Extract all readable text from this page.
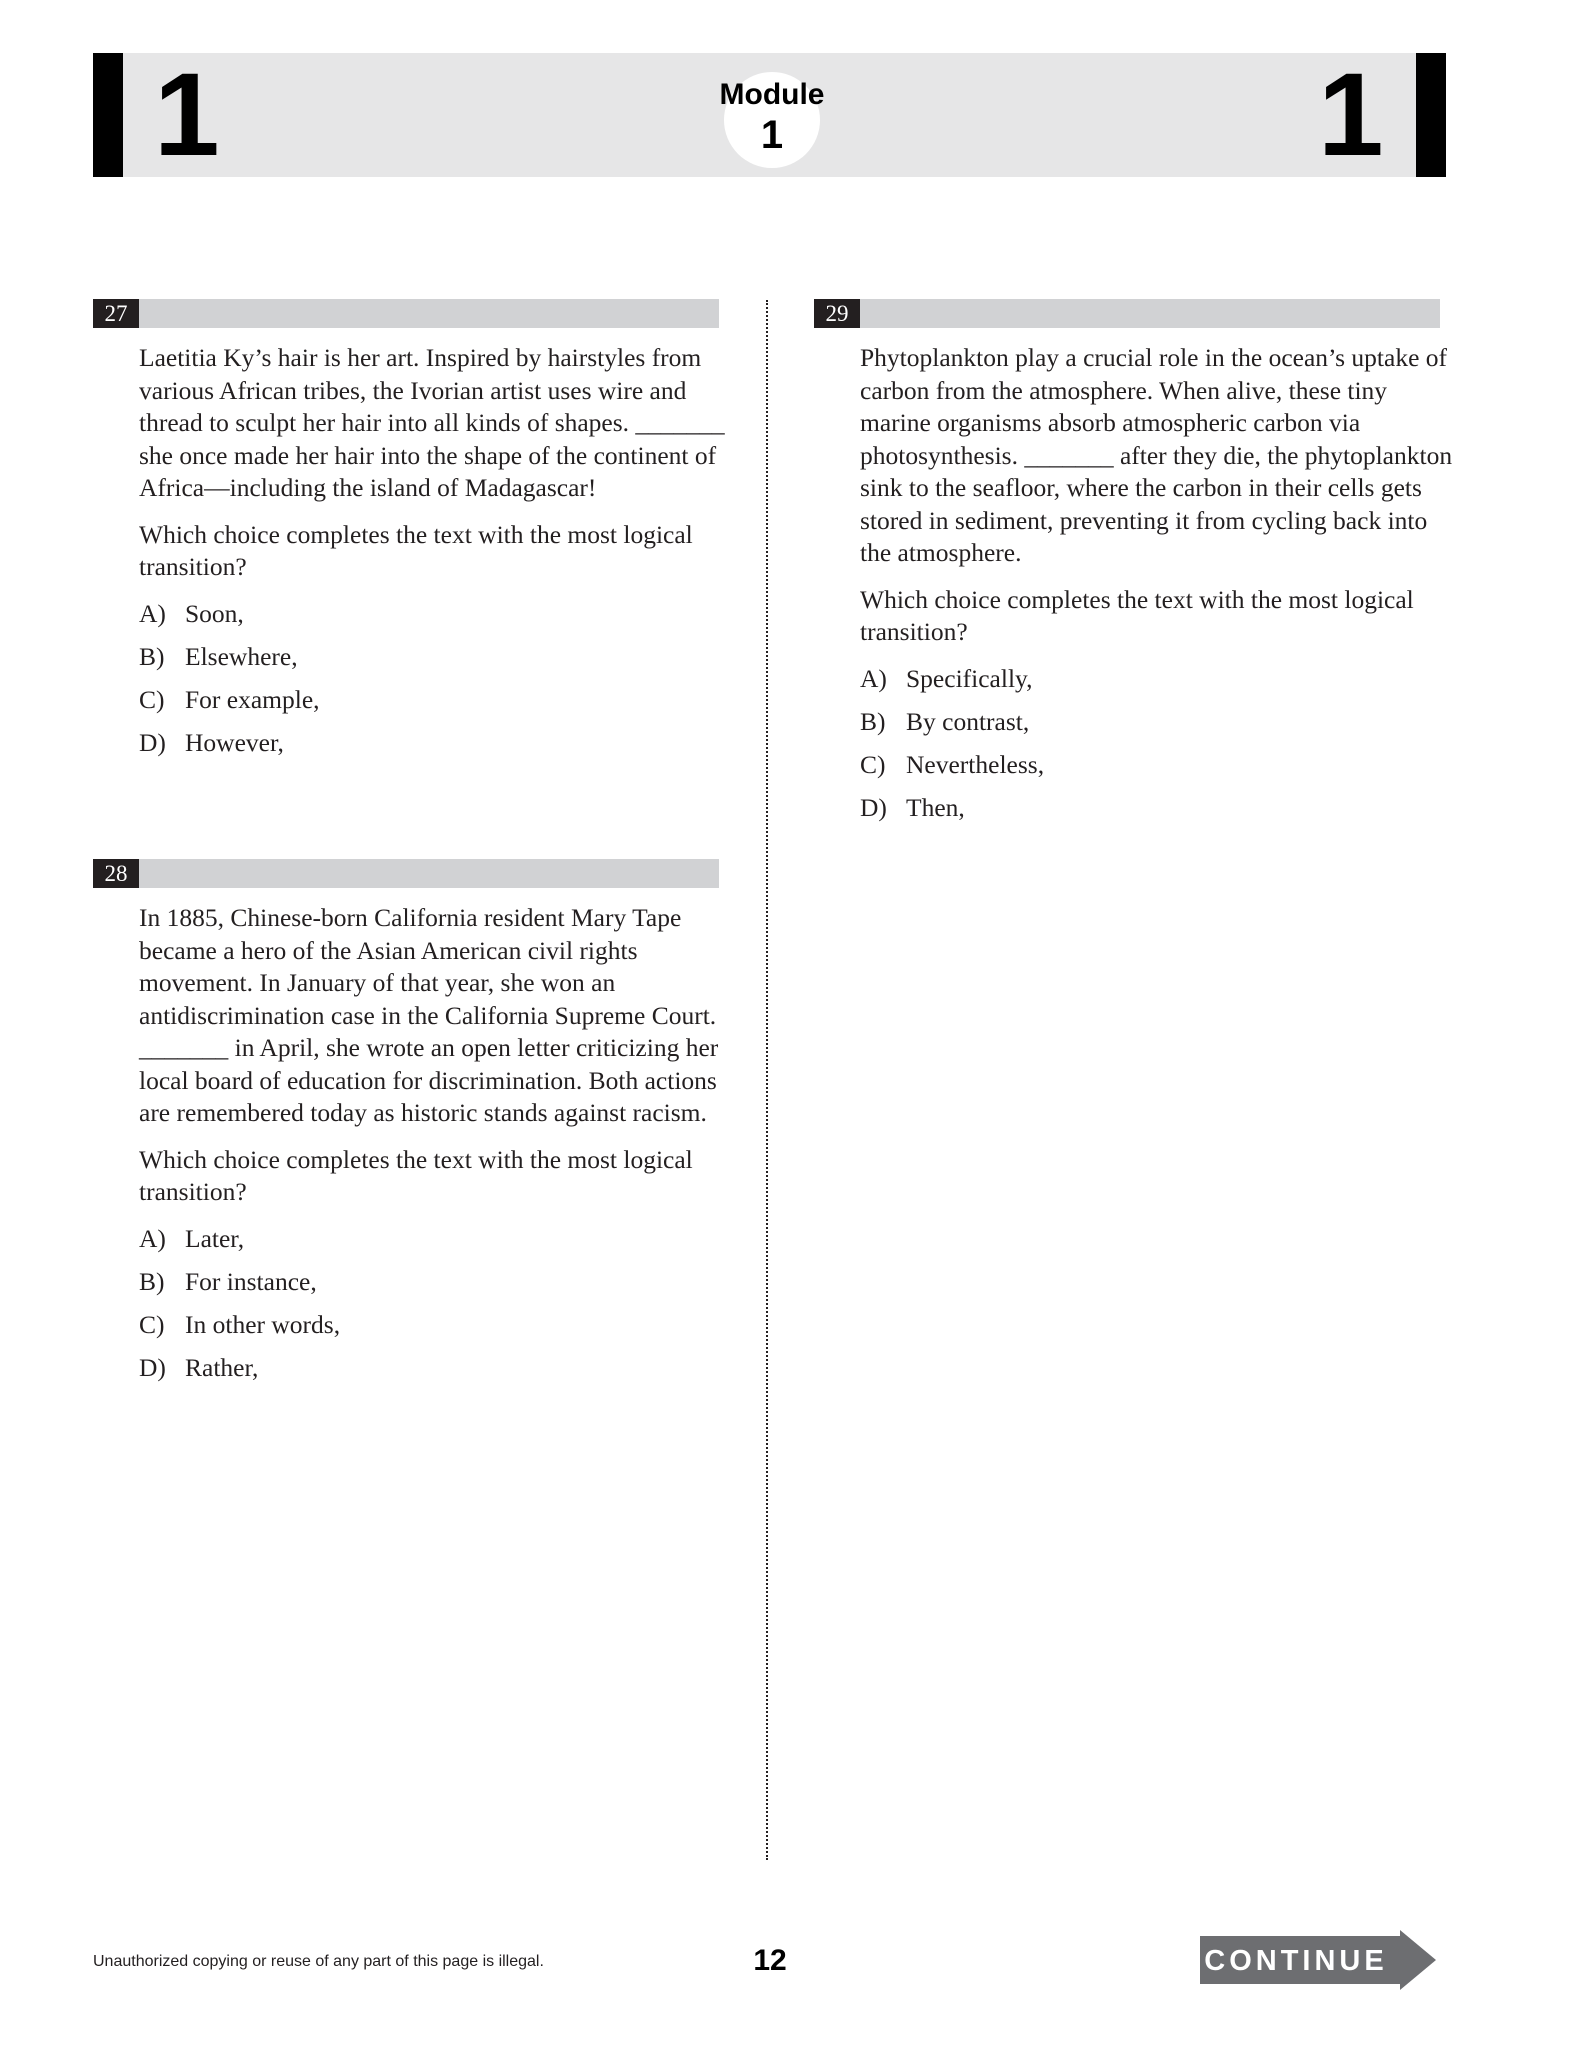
1	1
Module
1
27

Laetitia Ky’s hair is her art. Inspired by hairstyles from various African tribes, the Ivorian artist uses wire and thread to sculpt her hair into all kinds of shapes. _______ she once made her hair into the shape of the continent of Africa—including the island of Madagascar!

Which choice completes the text with the most logical transition?

A) Soon,
B) Elsewhere,
C) For example,
D) However,
28

In 1885, Chinese-born California resident Mary Tape became a hero of the Asian American civil rights movement. In January of that year, she won an antidiscrimination case in the California Supreme Court. _______ in April, she wrote an open letter criticizing her local board of education for discrimination. Both actions are remembered today as historic stands against racism.

Which choice completes the text with the most logical transition?

A) Later,
B) For instance,
C) In other words,
D) Rather,
29

Phytoplankton play a crucial role in the ocean’s uptake of carbon from the atmosphere. When alive, these tiny marine organisms absorb atmospheric carbon via photosynthesis. _______ after they die, the phytoplankton sink to the seafloor, where the carbon in their cells gets stored in sediment, preventing it from cycling back into the atmosphere.

Which choice completes the text with the most logical transition?

A) Specifically,
B) By contrast,
C) Nevertheless,
D) Then,
Unauthorized copying or reuse of any part of this page is illegal.	12	CONTINUE
